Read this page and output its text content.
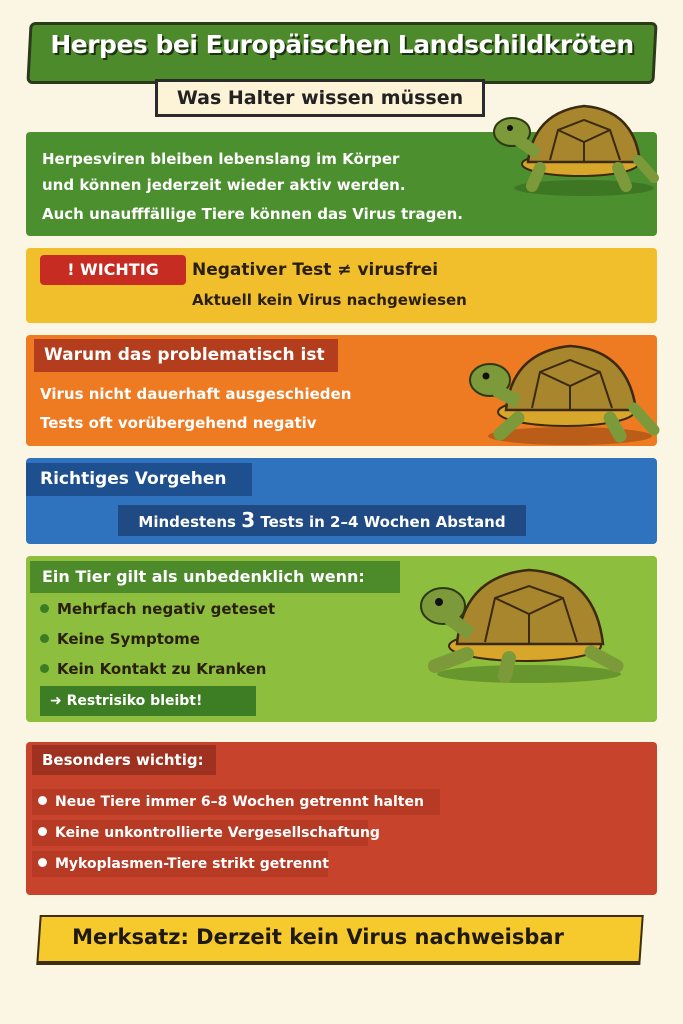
Herpes bei Europäischen Landschildkröten
Was Halter wissen müssen
Herpesviren bleiben lebenslang im Körper
und können jederzeit wieder aktiv werden.
Auch unaufffällige Tiere können das Virus tragen.
! WICHTIG	Negativer Test ≠ virusfrei
Aktuell kein Virus nachgewiesen
Warum das problematisch ist
Virus nicht dauerhaft ausgeschieden
Tests oft vorübergehend negativ
Richtiges Vorgehen
Mindestens 3 Tests in 2–4 Wochen Abstand
Ein Tier gilt als unbedenklich wenn:
Mehrfach negativ geteset
Keine Symptome
Kein Kontakt zu Kranken
➜ Restrisiko bleibt!
Besonders wichtig:
Neue Tiere immer 6–8 Wochen getrennt halten
Keine unkontrollierte Vergesellschaftung
Mykoplasmen-Tiere strikt getrennt
Merksatz: Derzeit kein Virus nachweisbar
